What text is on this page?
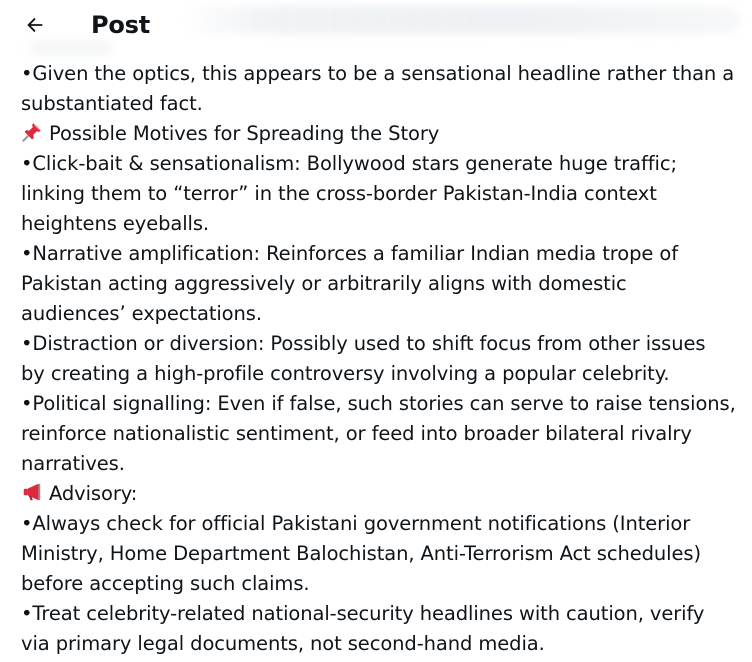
Post
•Given the optics, this appears to be a sensational headline rather than a
substantiated fact.
Possible Motives for Spreading the Story
•Click-bait & sensationalism: Bollywood stars generate huge traffic;
linking them to “terror” in the cross-border Pakistan-India context
heightens eyeballs.
•Narrative amplification: Reinforces a familiar Indian media trope of
Pakistan acting aggressively or arbitrarily aligns with domestic
audiences’ expectations.
•Distraction or diversion: Possibly used to shift focus from other issues
by creating a high-profile controversy involving a popular celebrity.
•Political signalling: Even if false, such stories can serve to raise tensions,
reinforce nationalistic sentiment, or feed into broader bilateral rivalry
narratives.
Advisory:
•Always check for official Pakistani government notifications (Interior
Ministry, Home Department Balochistan, Anti-Terrorism Act schedules)
before accepting such claims.
•Treat celebrity-related national-security headlines with caution, verify
via primary legal documents, not second-hand media.
